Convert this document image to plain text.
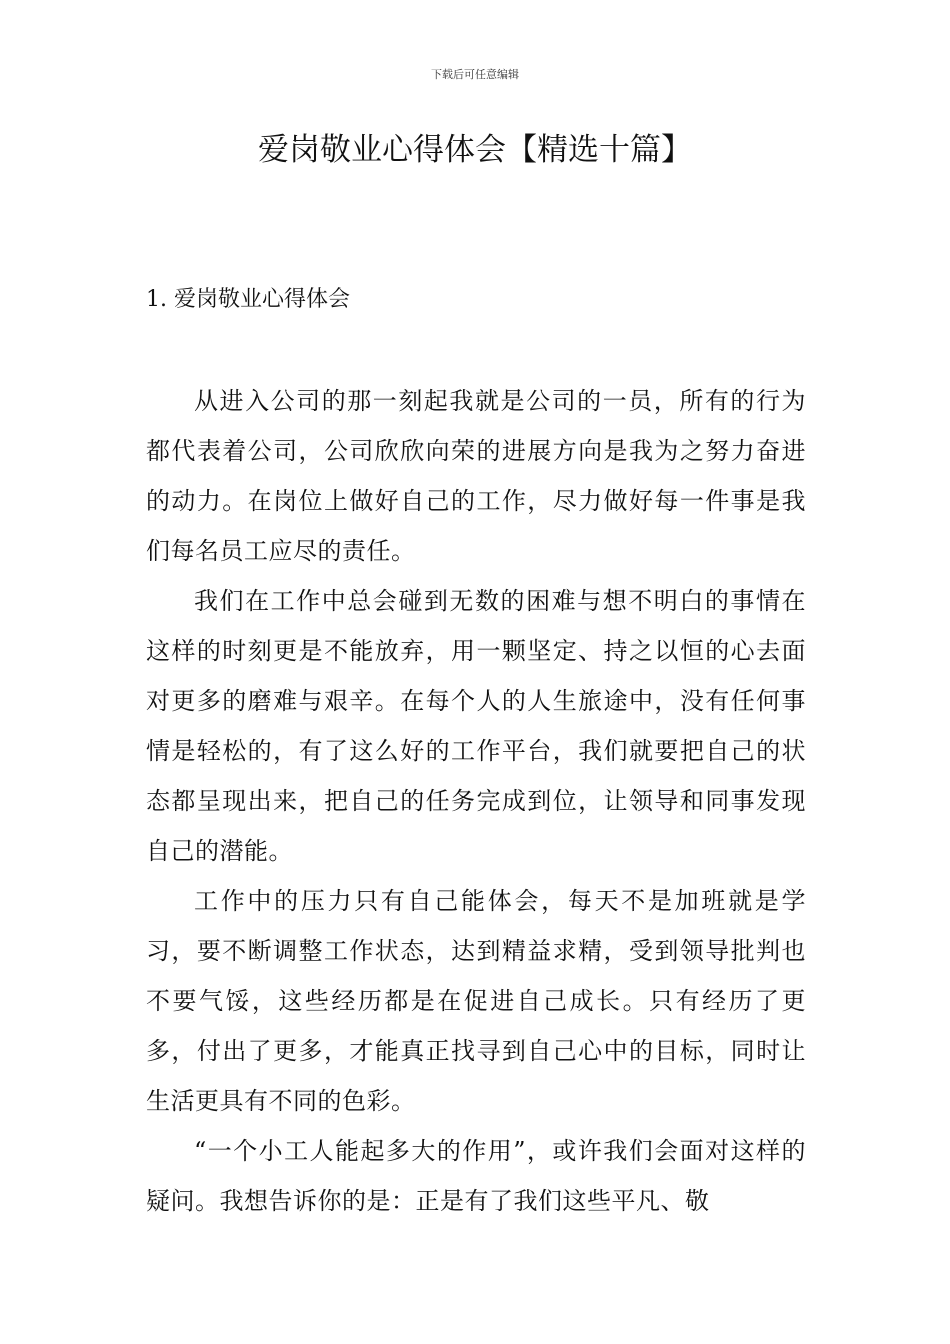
下载后可任意编辑
爱岗敬业心得体会【精选十篇】
1. 爱岗敬业心得体会

从进入公司的那一刻起我就是公司的一员，所有的行为都代表着公司，公司欣欣向荣的进展方向是我为之努力奋进的动力。在岗位上做好自己的工作，尽力做好每一件事是我们每名员工应尽的责任。

我们在工作中总会碰到无数的困难与想不明白的事情在这样的时刻更是不能放弃，用一颗坚定、持之以恒的心去面对更多的磨难与艰辛。在每个人的人生旅途中，没有任何事情是轻松的，有了这么好的工作平台，我们就要把自己的状态都呈现出来，把自己的任务完成到位，让领导和同事发现自己的潜能。

工作中的压力只有自己能体会，每天不是加班就是学习，要不断调整工作状态，达到精益求精，受到领导批判也不要气馁，这些经历都是在促进自己成长。只有经历了更多，付出了更多，才能真正找寻到自己心中的目标，同时让生活更具有不同的色彩。

“一个小工人能起多大的作用”，或许我们会面对这样的疑问。我想告诉你的是：正是有了我们这些平凡、敬
